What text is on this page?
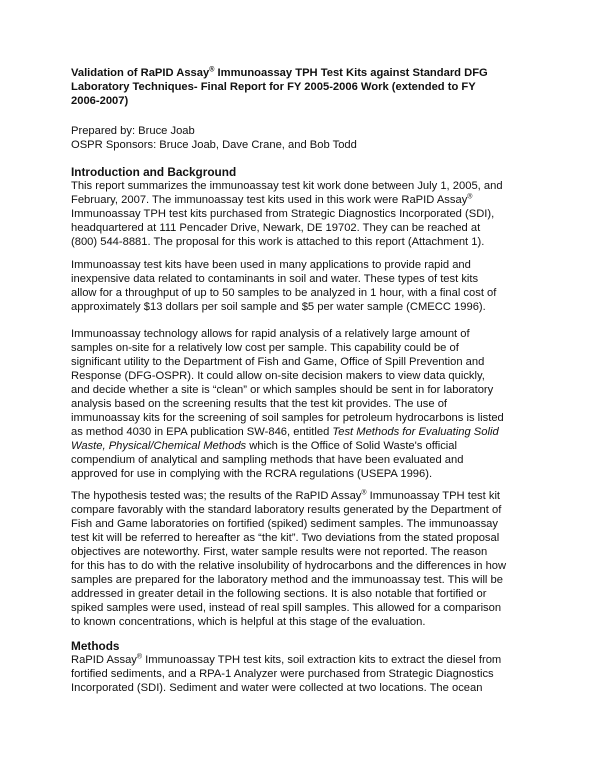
Validation of RaPID Assay® Immunoassay TPH Test Kits against Standard DFG
Laboratory Techniques- Final Report for FY 2005-2006 Work (extended to FY
2006-2007)
Prepared by: Bruce Joab
OSPR Sponsors: Bruce Joab, Dave Crane, and Bob Todd
Introduction and Background
This report summarizes the immunoassay test kit work done between July 1, 2005, and
February, 2007. The immunoassay test kits used in this work were RaPID Assay®
Immunoassay TPH test kits purchased from Strategic Diagnostics Incorporated (SDI),
headquartered at 111 Pencader Drive, Newark, DE 19702. They can be reached at
(800) 544-8881. The proposal for this work is attached to this report (Attachment 1).
Immunoassay test kits have been used in many applications to provide rapid and
inexpensive data related to contaminants in soil and water. These types of test kits
allow for a throughput of up to 50 samples to be analyzed in 1 hour, with a final cost of
approximately $13 dollars per soil sample and $5 per water sample (CMECC 1996).
Immunoassay technology allows for rapid analysis of a relatively large amount of
samples on-site for a relatively low cost per sample. This capability could be of
significant utility to the Department of Fish and Game, Office of Spill Prevention and
Response (DFG-OSPR). It could allow on-site decision makers to view data quickly,
and decide whether a site is “clean” or which samples should be sent in for laboratory
analysis based on the screening results that the test kit provides. The use of
immunoassay kits for the screening of soil samples for petroleum hydrocarbons is listed
as method 4030 in EPA publication SW-846, entitled Test Methods for Evaluating Solid
Waste, Physical/Chemical Methods which is the Office of Solid Waste's official
compendium of analytical and sampling methods that have been evaluated and
approved for use in complying with the RCRA regulations (USEPA 1996).
The hypothesis tested was; the results of the RaPID Assay® Immunoassay TPH test kit
compare favorably with the standard laboratory results generated by the Department of
Fish and Game laboratories on fortified (spiked) sediment samples. The immunoassay
test kit will be referred to hereafter as “the kit”. Two deviations from the stated proposal
objectives are noteworthy. First, water sample results were not reported. The reason
for this has to do with the relative insolubility of hydrocarbons and the differences in how
samples are prepared for the laboratory method and the immunoassay test. This will be
addressed in greater detail in the following sections. It is also notable that fortified or
spiked samples were used, instead of real spill samples. This allowed for a comparison
to known concentrations, which is helpful at this stage of the evaluation.
Methods
RaPID Assay® Immunoassay TPH test kits, soil extraction kits to extract the diesel from
fortified sediments, and a RPA-1 Analyzer were purchased from Strategic Diagnostics
Incorporated (SDI). Sediment and water were collected at two locations. The ocean
